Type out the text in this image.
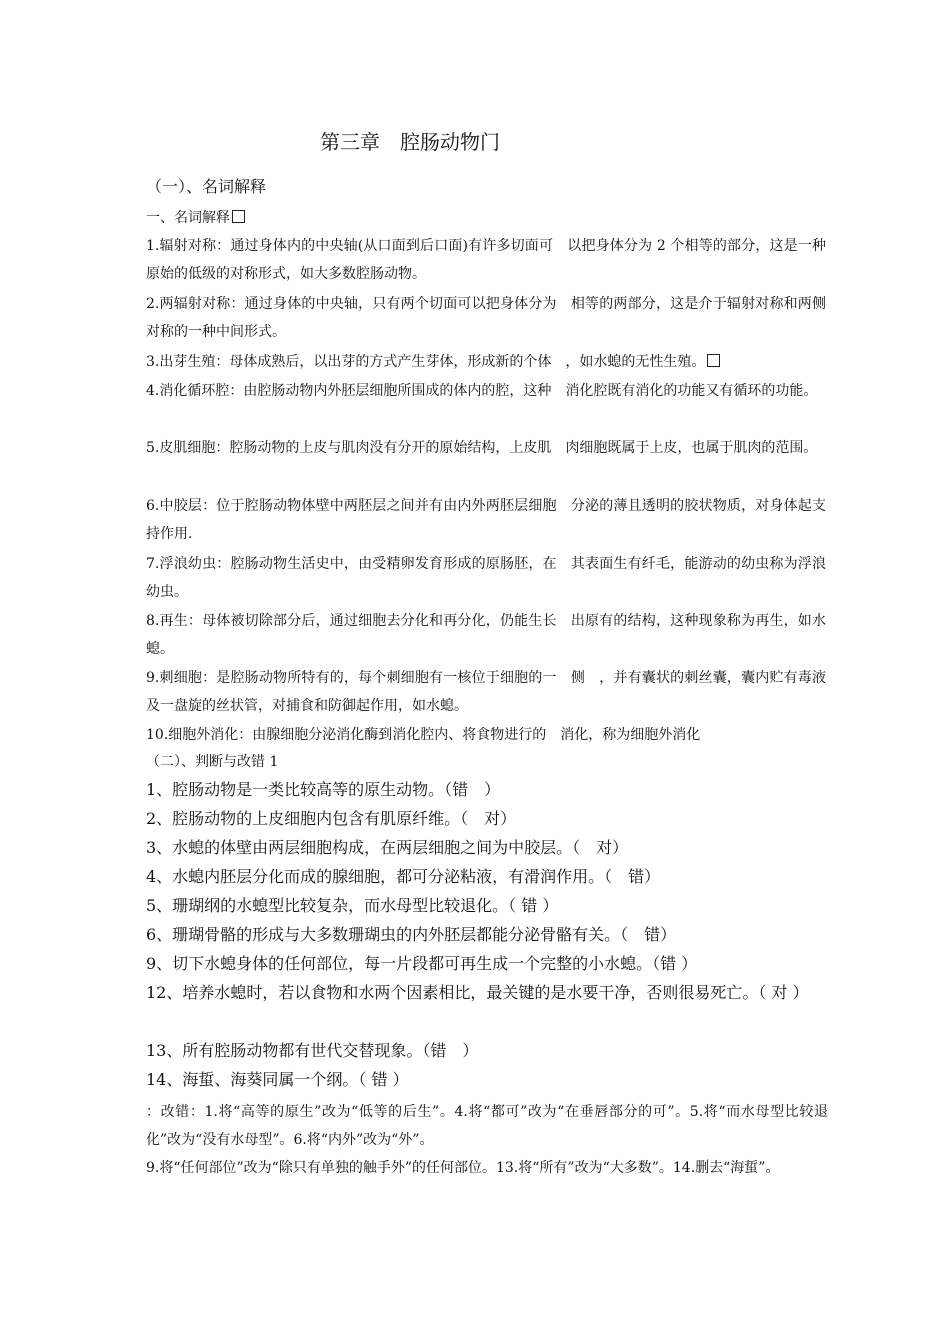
第三章　腔肠动物门
（一）、名词解释
一、名词解释
1.辐射对称：通过身体内的中央轴(从口面到后口面)有许多切面可　以把身体分为 2 个相等的部分，这是一种原始的低级的对称形式，如大多数腔肠动物。
2.两辐射对称：通过身体的中央轴，只有两个切面可以把身体分为　相等的两部分，这是介于辐射对称和两侧对称的一种中间形式。
3.出芽生殖：母体成熟后，以出芽的方式产生芽体，形成新的个体　，如水螅的无性生殖。
4.消化循环腔：由腔肠动物内外胚层细胞所围成的体内的腔，这种　消化腔既有消化的功能又有循环的功能。
5.皮肌细胞：腔肠动物的上皮与肌肉没有分开的原始结构，上皮肌　肉细胞既属于上皮，也属于肌肉的范围。
6.中胶层：位于腔肠动物体壁中两胚层之间并有由内外两胚层细胞　分泌的薄且透明的胶状物质，对身体起支持作用.
7.浮浪幼虫：腔肠动物生活史中，由受精卵发育形成的原肠胚，在　其表面生有纤毛，能游动的幼虫称为浮浪幼虫。
8.再生：母体被切除部分后，通过细胞去分化和再分化，仍能生长　出原有的结构，这种现象称为再生，如水螅。
9.刺细胞：是腔肠动物所特有的，每个刺细胞有一核位于细胞的一　侧　，并有囊状的刺丝囊，囊内贮有毒液及一盘旋的丝状管，对捕食和防御起作用，如水螅。
10.细胞外消化：由腺细胞分泌消化酶到消化腔内、将食物进行的　消化，称为细胞外消化
（二）、判断与改错 1
1、腔肠动物是一类比较高等的原生动物。（错　）
2、腔肠动物的上皮细胞内包含有肌原纤维。（　对）
3、水螅的体壁由两层细胞构成，在两层细胞之间为中胶层。（　对）
4、水螅内胚层分化而成的腺细胞，都可分泌粘液，有滑润作用。（　错）
5、珊瑚纲的水螅型比较复杂，而水母型比较退化。（ 错 ）
6、珊瑚骨骼的形成与大多数珊瑚虫的内外胚层都能分泌骨骼有关。（　错）
9、切下水螅身体的任何部位，每一片段都可再生成一个完整的小水螅。（错 ）
12、培养水螅时，若以食物和水两个因素相比，最关键的是水要干净，否则很易死亡。（ 对 ）
13、所有腔肠动物都有世代交替现象。（错　）
14、海蜇、海葵同属一个纲。（ 错 ）
：改错：1.将“高等的原生”改为“低等的后生”。4.将“都可”改为“在垂唇部分的可”。5.将“而水母型比较退化”改为“没有水母型”。6.将“内外”改为“外”。
9.将“任何部位”改为“除只有单独的触手外”的任何部位。13.将“所有”改为“大多数”。14.删去“海蜇”。
